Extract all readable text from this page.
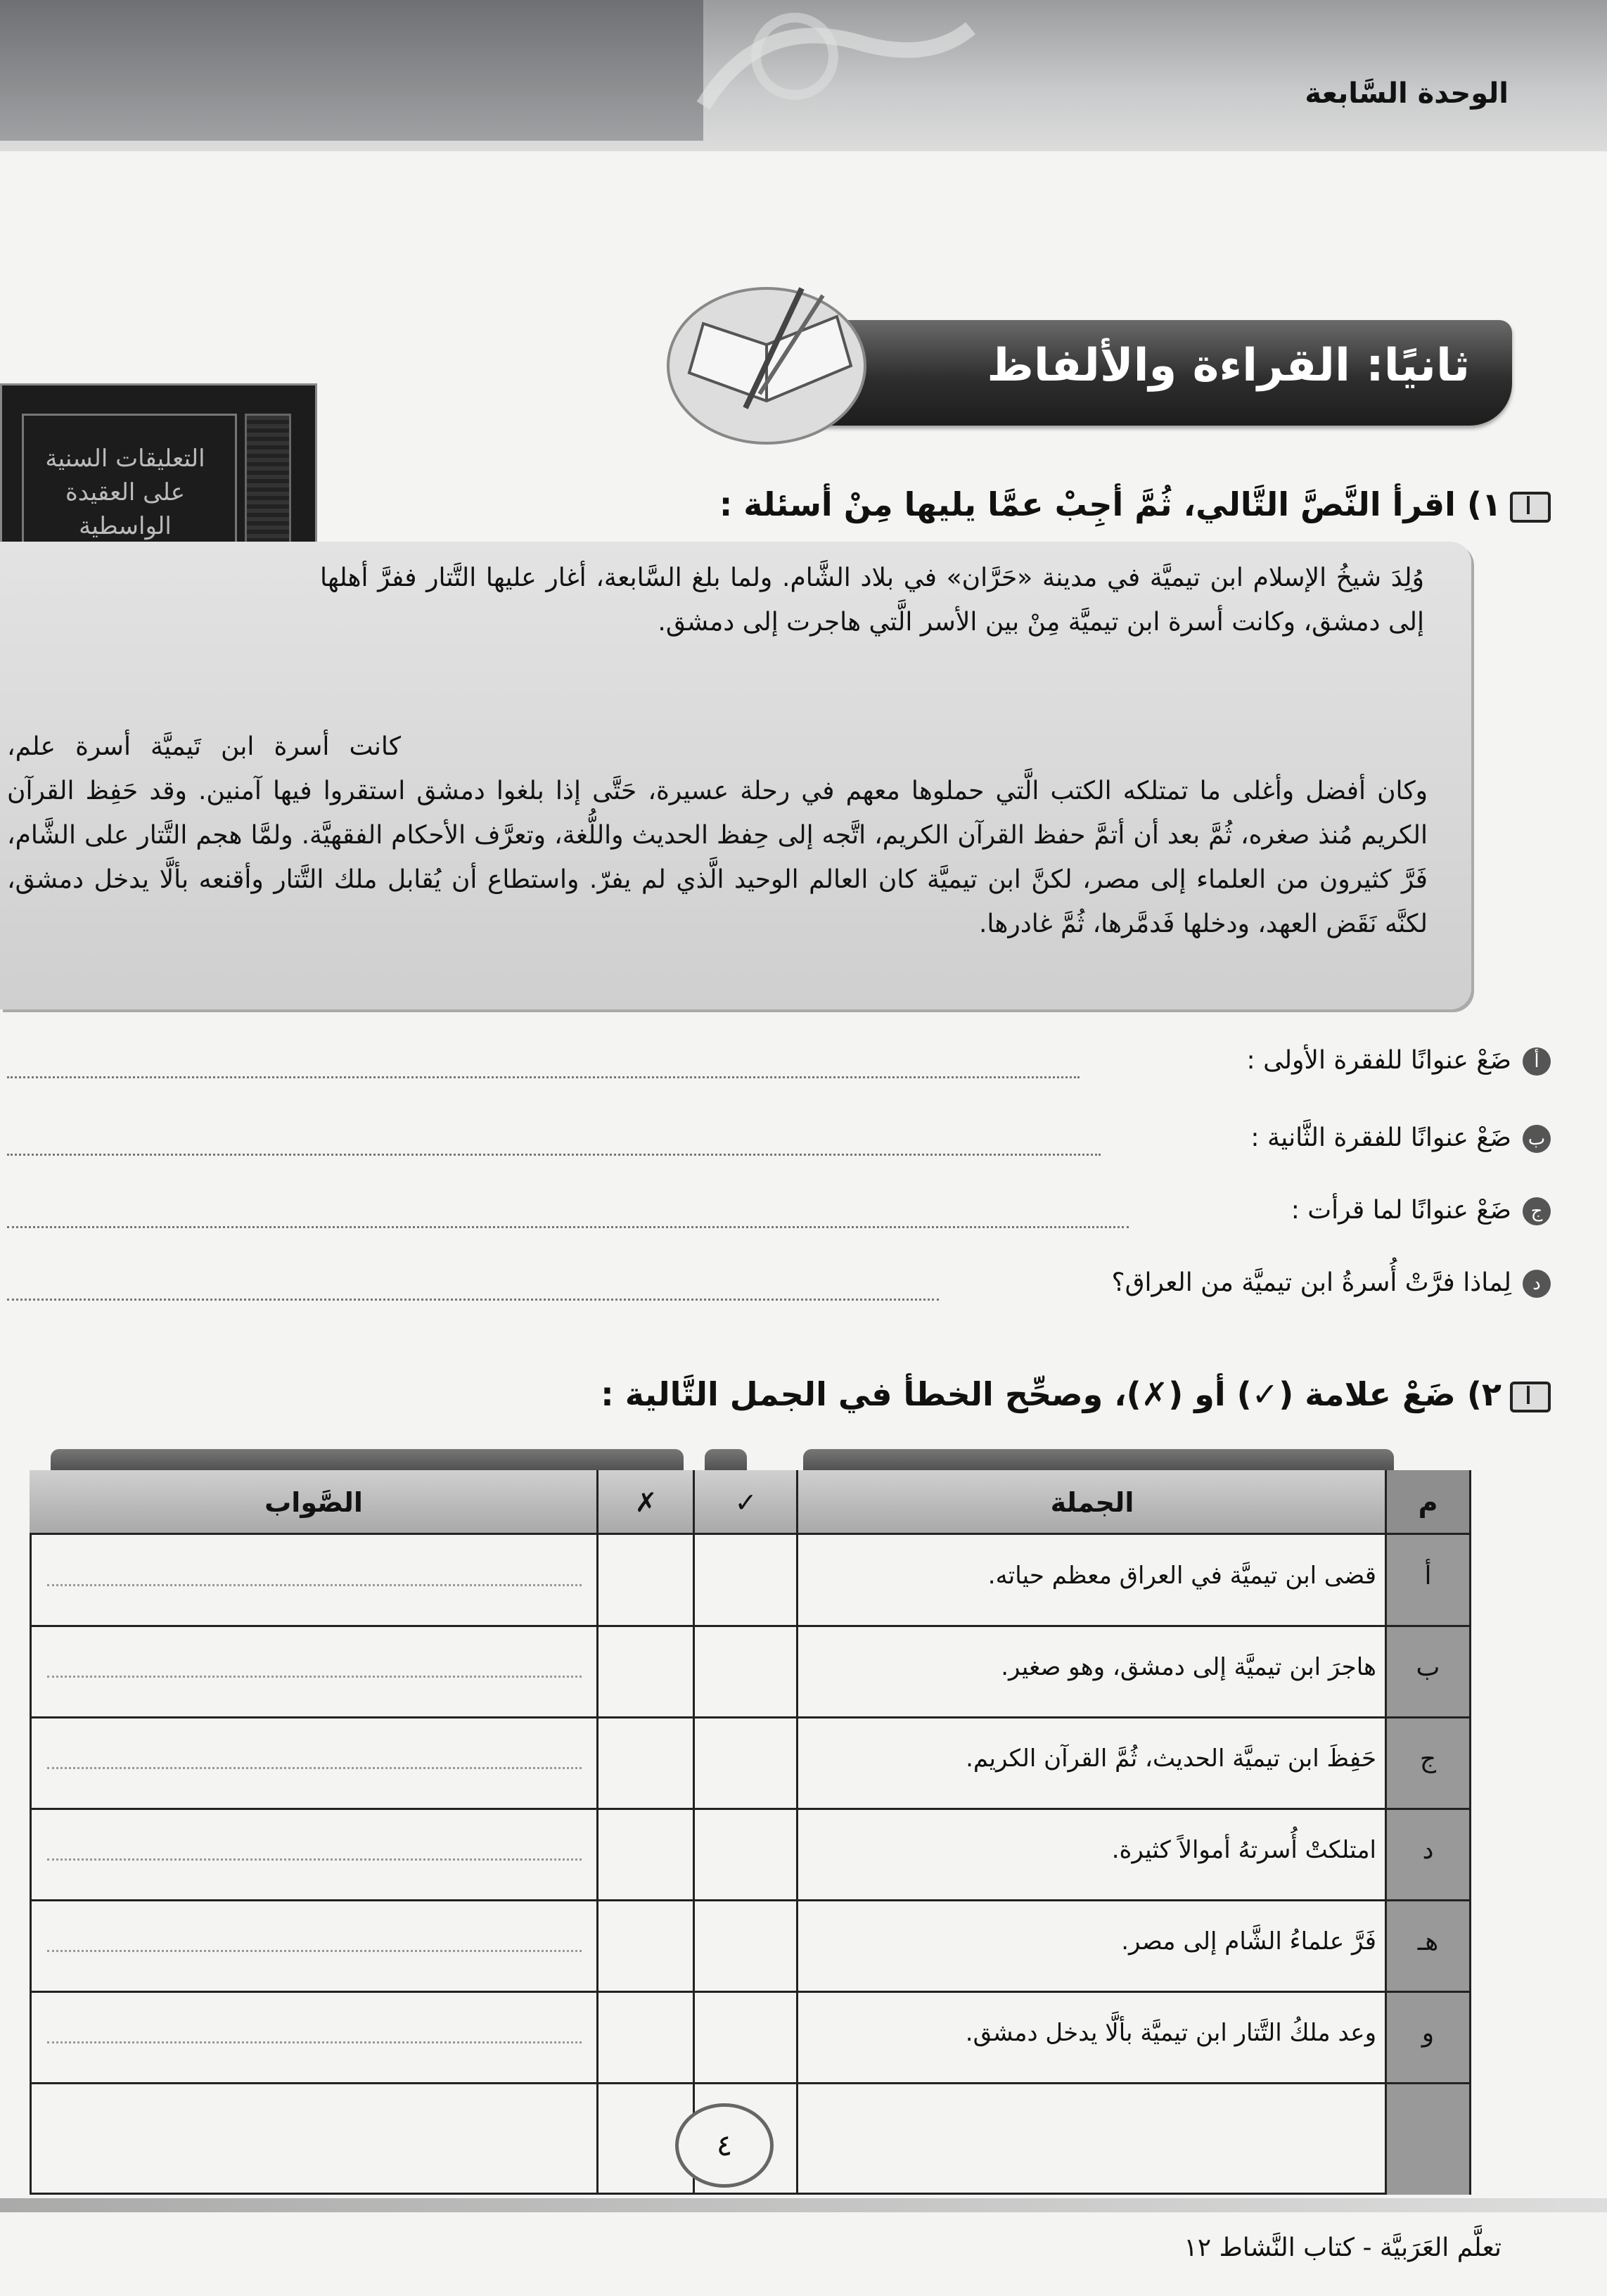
الوحدة السَّابعة
ثانيًا: القراءة والألفاظ
التعليقات السنية على العقيدة الواسطية
١) اقرأ النَّصَّ التَّالي، ثُمَّ أجِبْ عمَّا يليها مِنْ أسئلة :
وُلِدَ شيخُ الإسلام ابن تيميَّة في مدينة «حَرَّان» في بلاد الشَّام. ولما بلغ السَّابعة، أغار عليها التَّتار ففرَّ أهلها إلى دمشق، وكانت أسرة ابن تيميَّة مِنْ بين الأسر الَّتي هاجرت إلى دمشق.
كانت أسرة ابن تَيميَّة أسرة علم، وكان أفضل وأغلى ما تمتلكه الكتب الَّتي حملوها معهم في رحلة عسيرة، حَتَّى إذا بلغوا دمشق استقروا فيها آمنين. وقد حَفِظ القرآن الكريم مُنذ صغره، ثُمَّ بعد أن أتمَّ حفظ القرآن الكريم، اتَّجه إلى حِفظ الحديث واللُّغة، وتعرَّف الأحكام الفقهيَّة. ولمَّا هجم التَّتار على الشَّام، فَرَّ كثيرون من العلماء إلى مصر، لكنَّ ابن تيميَّة كان العالم الوحيد الَّذي لم يفرّ. واستطاع أن يُقابل ملك التَّتار وأقنعه بألَّا يدخل دمشق، لكنَّه نَقَض العهد، ودخلها فَدمَّرها، ثُمَّ غادرها.
أضَعْ عنوانًا للفقرة الأولى :
بضَعْ عنوانًا للفقرة الثَّانية :
جضَعْ عنوانًا لما قرأت :
دلِماذا فرَّتْ أُسرةُ ابن تيميَّة من العراق؟
٢) ضَعْ علامة (✓) أو (✗)، وصحِّح الخطأ في الجمل التَّالية :
م
الجملة
✓
✗
الصَّواب
أ
قضى ابن تيميَّة في العراق معظم حياته.
ب
هاجرَ ابن تيميَّة إلى دمشق، وهو صغير.
ج
حَفِظَ ابن تيميَّة الحديث، ثُمَّ القرآن الكريم.
د
امتلكتْ أُسرتهُ أموالاً كثيرة.
هـ
فَرَّ علماءُ الشَّام إلى مصر.
و
وعد ملكُ التَّتار ابن تيميَّة بألَّا يدخل دمشق.
٤
تعلَّم العَرَبيَّة - كتاب النَّشاط ١٢
